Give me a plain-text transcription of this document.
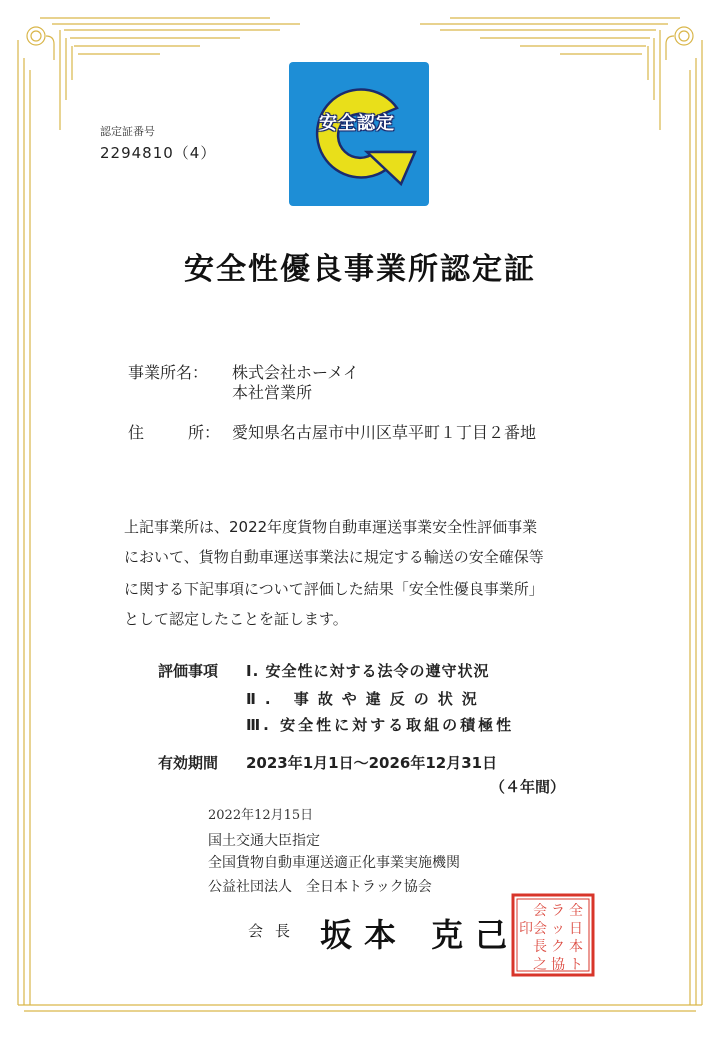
認定証番号
2294810（4）
安全認定
安全性優良事業所認定証
事業所名： 株式会社ホーメイ
本社営業所
住	所： 愛知県名古屋市中川区草平町１丁目２番地
上記事業所は、2022年度貨物自動車運送事業安全性評価事業
において、貨物自動車運送事業法に規定する輸送の安全確保等
に関する下記事項について評価した結果「安全性優良事業所」
として認定したことを証します。
評価事項 Ⅰ. 安全性に対する法令の遵守状況
Ⅱ. 事故や違反の状況
Ⅲ. 安全性に対する取組の積極性
有効期間 2023年1月1日～2026年12月31日
（４年間）
2022年12月15日
国土交通大臣指定
全国貨物自動車運送適正化事業実施機関
公益社団法人　全日本トラック協会
会長 坂本 克己
全
日
本
ト
ラ
ッ
ク
協
会
会
長
之
印
